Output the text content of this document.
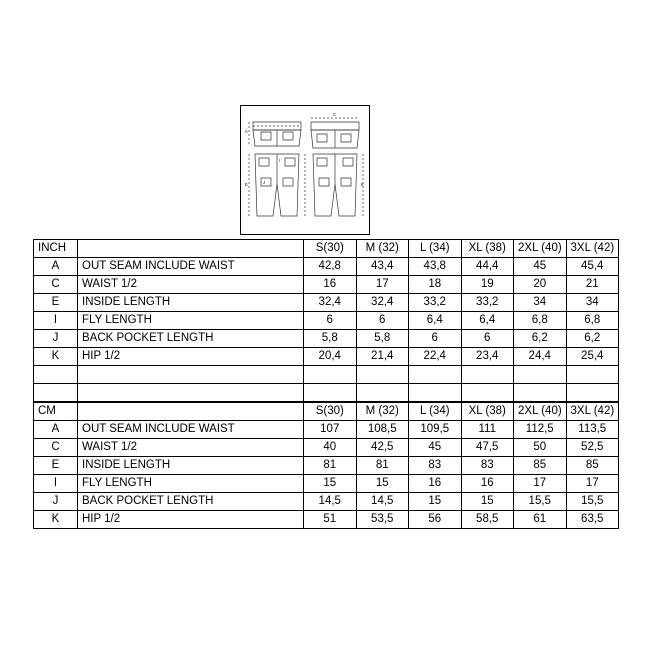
A
C
E
I
J	K
INCH		S(30)	M (32)	L (34)	XL (38)	2XL (40)	3XL (42)
A	OUT SEAM INCLUDE WAIST	42,8	43,4	43,8	44,4	45	45,4
C	WAIST 1/2	16	17	18	19	20	21
E	INSIDE LENGTH	32,4	32,4	33,2	33,2	34	34
I	FLY LENGTH	6	6	6,4	6,4	6,8	6,8
J	BACK POCKET LENGTH	5,8	5,8	6	6	6,2	6,2
K	HIP 1/2	20,4	21,4	22,4	23,4	24,4	25,4

CM		S(30)	M (32)	L (34)	XL (38)	2XL (40)	3XL (42)
A	OUT SEAM INCLUDE WAIST	107	108,5	109,5	111	112,5	113,5
C	WAIST 1/2	40	42,5	45	47,5	50	52,5
E	INSIDE LENGTH	81	81	83	83	85	85
I	FLY LENGTH	15	15	16	16	17	17
J	BACK POCKET LENGTH	14,5	14,5	15	15	15,5	15,5
K	HIP 1/2	51	53,5	56	58,5	61	63,5
